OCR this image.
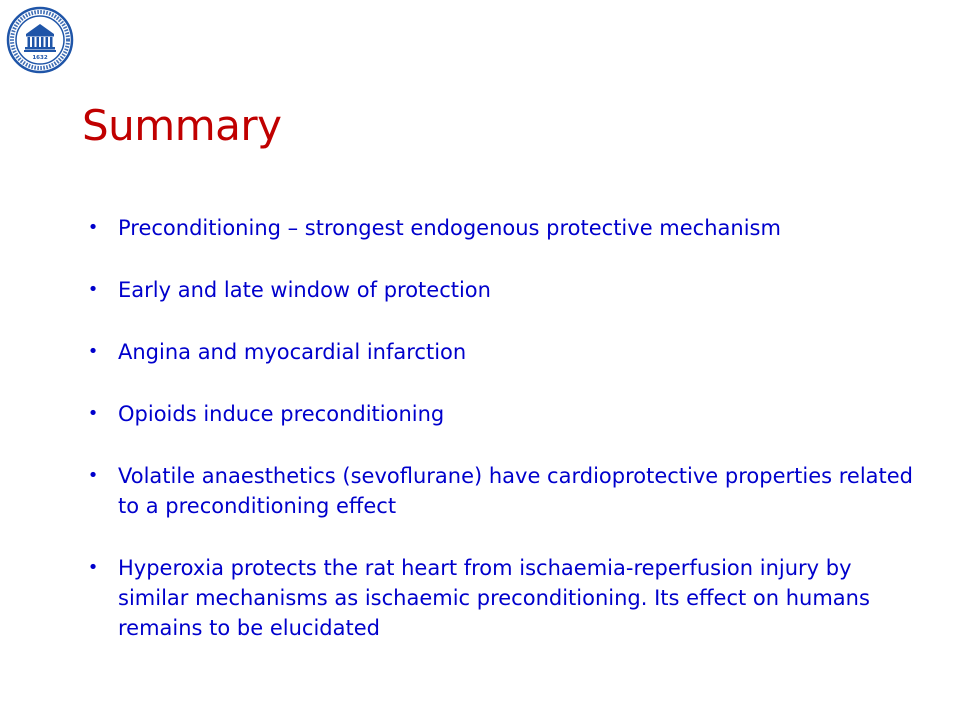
1632
Summary
• Preconditioning – strongest endogenous protective mechanism
• Early and late window of protection
• Angina and myocardial infarction
• Opioids induce preconditioning
• Volatile anaesthetics (sevoflurane) have cardioprotective properties related to a preconditioning effect
• Hyperoxia protects the rat heart from ischaemia-reperfusion injury by similar mechanisms as ischaemic preconditioning. Its effect on humans remains to be elucidated
